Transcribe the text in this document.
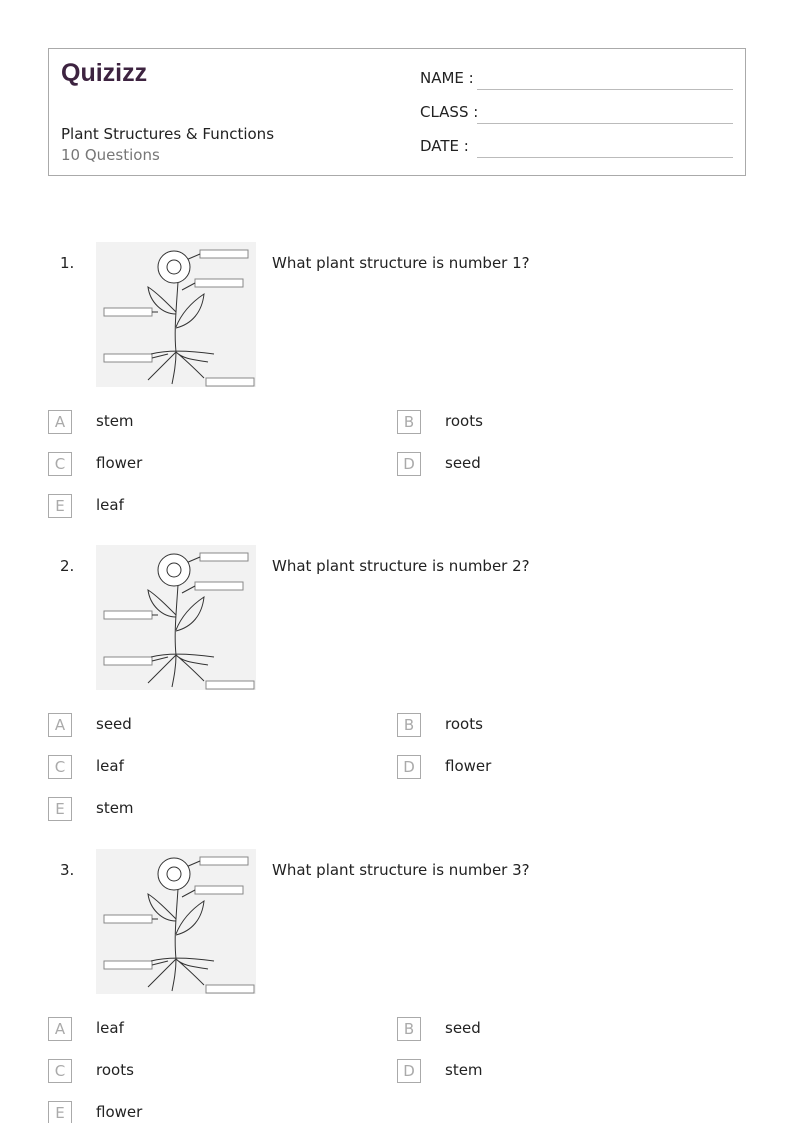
Quizizz
Plant Structures & Functions
10 Questions
NAME :
CLASS :
DATE :
1.	What plant structure is number 1?
A	stem	B	roots
C	flower	D	seed
E	leaf
2.	What plant structure is number 2?
A	seed	B	roots
C	leaf	D	flower
E	stem
3.	What plant structure is number 3?
A	leaf	B	seed
C	roots	D	stem
E	flower
